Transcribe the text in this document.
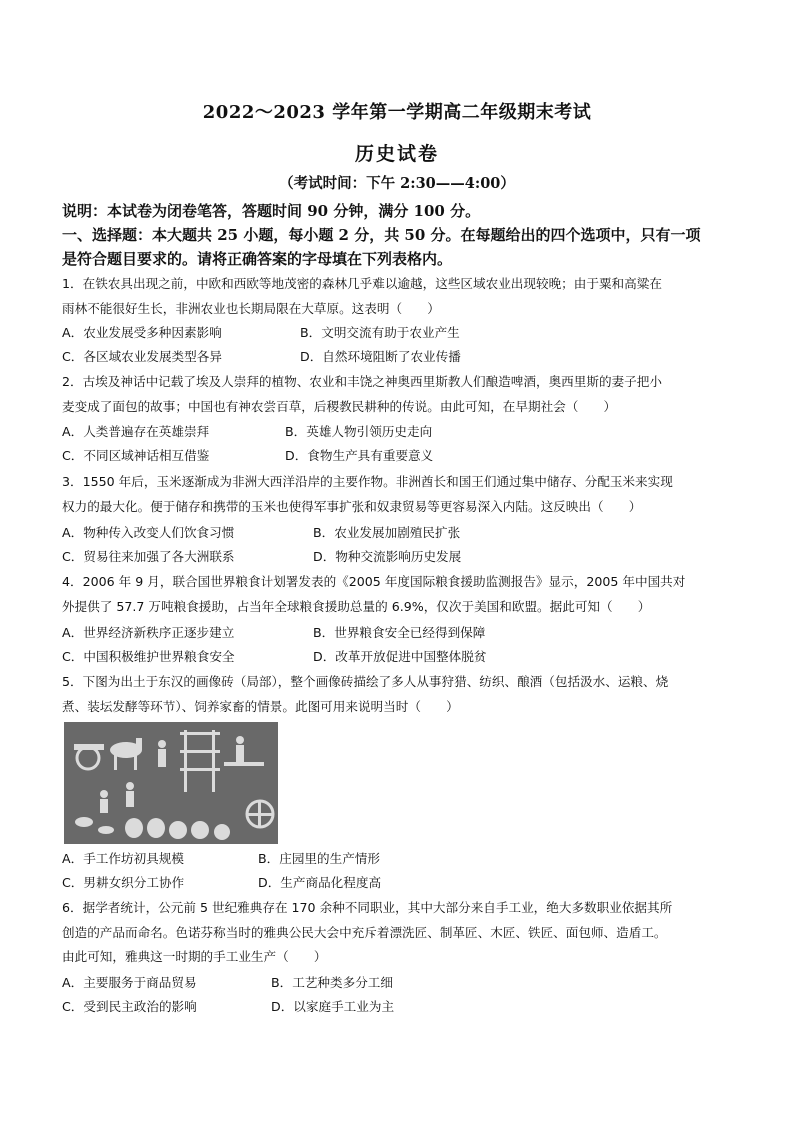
2022～2023 学年第一学期高二年级期末考试
历史试卷
（考试时间：下午 2:30——4:00）
说明：本试卷为闭卷笔答，答题时间 90 分钟，满分 100 分。
一、选择题：本大题共 25 小题，每小题 2 分，共 50 分。在每题给出的四个选项中，只有一项
是符合题目要求的。请将正确答案的字母填在下列表格内。
1．在铁农具出现之前，中欧和西欧等地茂密的森林几乎难以逾越，这些区域农业出现较晚；由于粟和高粱在
雨林不能很好生长，非洲农业也长期局限在大草原。这表明（　　）
A．农业发展受多种因素影响	B．文明交流有助于农业产生
C．各区域农业发展类型各异	D．自然环境阻断了农业传播
2．古埃及神话中记载了埃及人崇拜的植物、农业和丰饶之神奥西里斯教人们酿造啤酒，奥西里斯的妻子把小
麦变成了面包的故事；中国也有神农尝百草，后稷教民耕种的传说。由此可知，在早期社会（　　）
A．人类普遍存在英雄崇拜	B．英雄人物引领历史走向
C．不同区域神话相互借鉴	D．食物生产具有重要意义
3．1550 年后，玉米逐渐成为非洲大西洋沿岸的主要作物。非洲酋长和国王们通过集中储存、分配玉米来实现
权力的最大化。便于储存和携带的玉米也使得军事扩张和奴隶贸易等更容易深入内陆。这反映出（　　）
A．物种传入改变人们饮食习惯	B．农业发展加剧殖民扩张
C．贸易往来加强了各大洲联系	D．物种交流影响历史发展
4．2006 年 9 月，联合国世界粮食计划署发表的《2005 年度国际粮食援助监测报告》显示，2005 年中国共对
外提供了 57.7 万吨粮食援助，占当年全球粮食援助总量的 6.9%，仅次于美国和欧盟。据此可知（　　）
A．世界经济新秩序正逐步建立	B．世界粮食安全已经得到保障
C．中国积极维护世界粮食安全	D．改革开放促进中国整体脱贫
5．下图为出土于东汉的画像砖（局部），整个画像砖描绘了多人从事狩猎、纺织、酿酒（包括汲水、运粮、烧
煮、装坛发酵等环节）、饲养家畜的情景。此图可用来说明当时（　　）
A．手工作坊初具规模	B．庄园里的生产情形
C．男耕女织分工协作	D．生产商品化程度高
6．据学者统计，公元前 5 世纪雅典存在 170 余种不同职业，其中大部分来自手工业，绝大多数职业依据其所
创造的产品而命名。色诺芬称当时的雅典公民大会中充斥着漂洗匠、制革匠、木匠、铁匠、面包师、造盾工。
由此可知，雅典这一时期的手工业生产（　　）
A．主要服务于商品贸易	B．工艺种类多分工细
C．受到民主政治的影响	D．以家庭手工业为主
